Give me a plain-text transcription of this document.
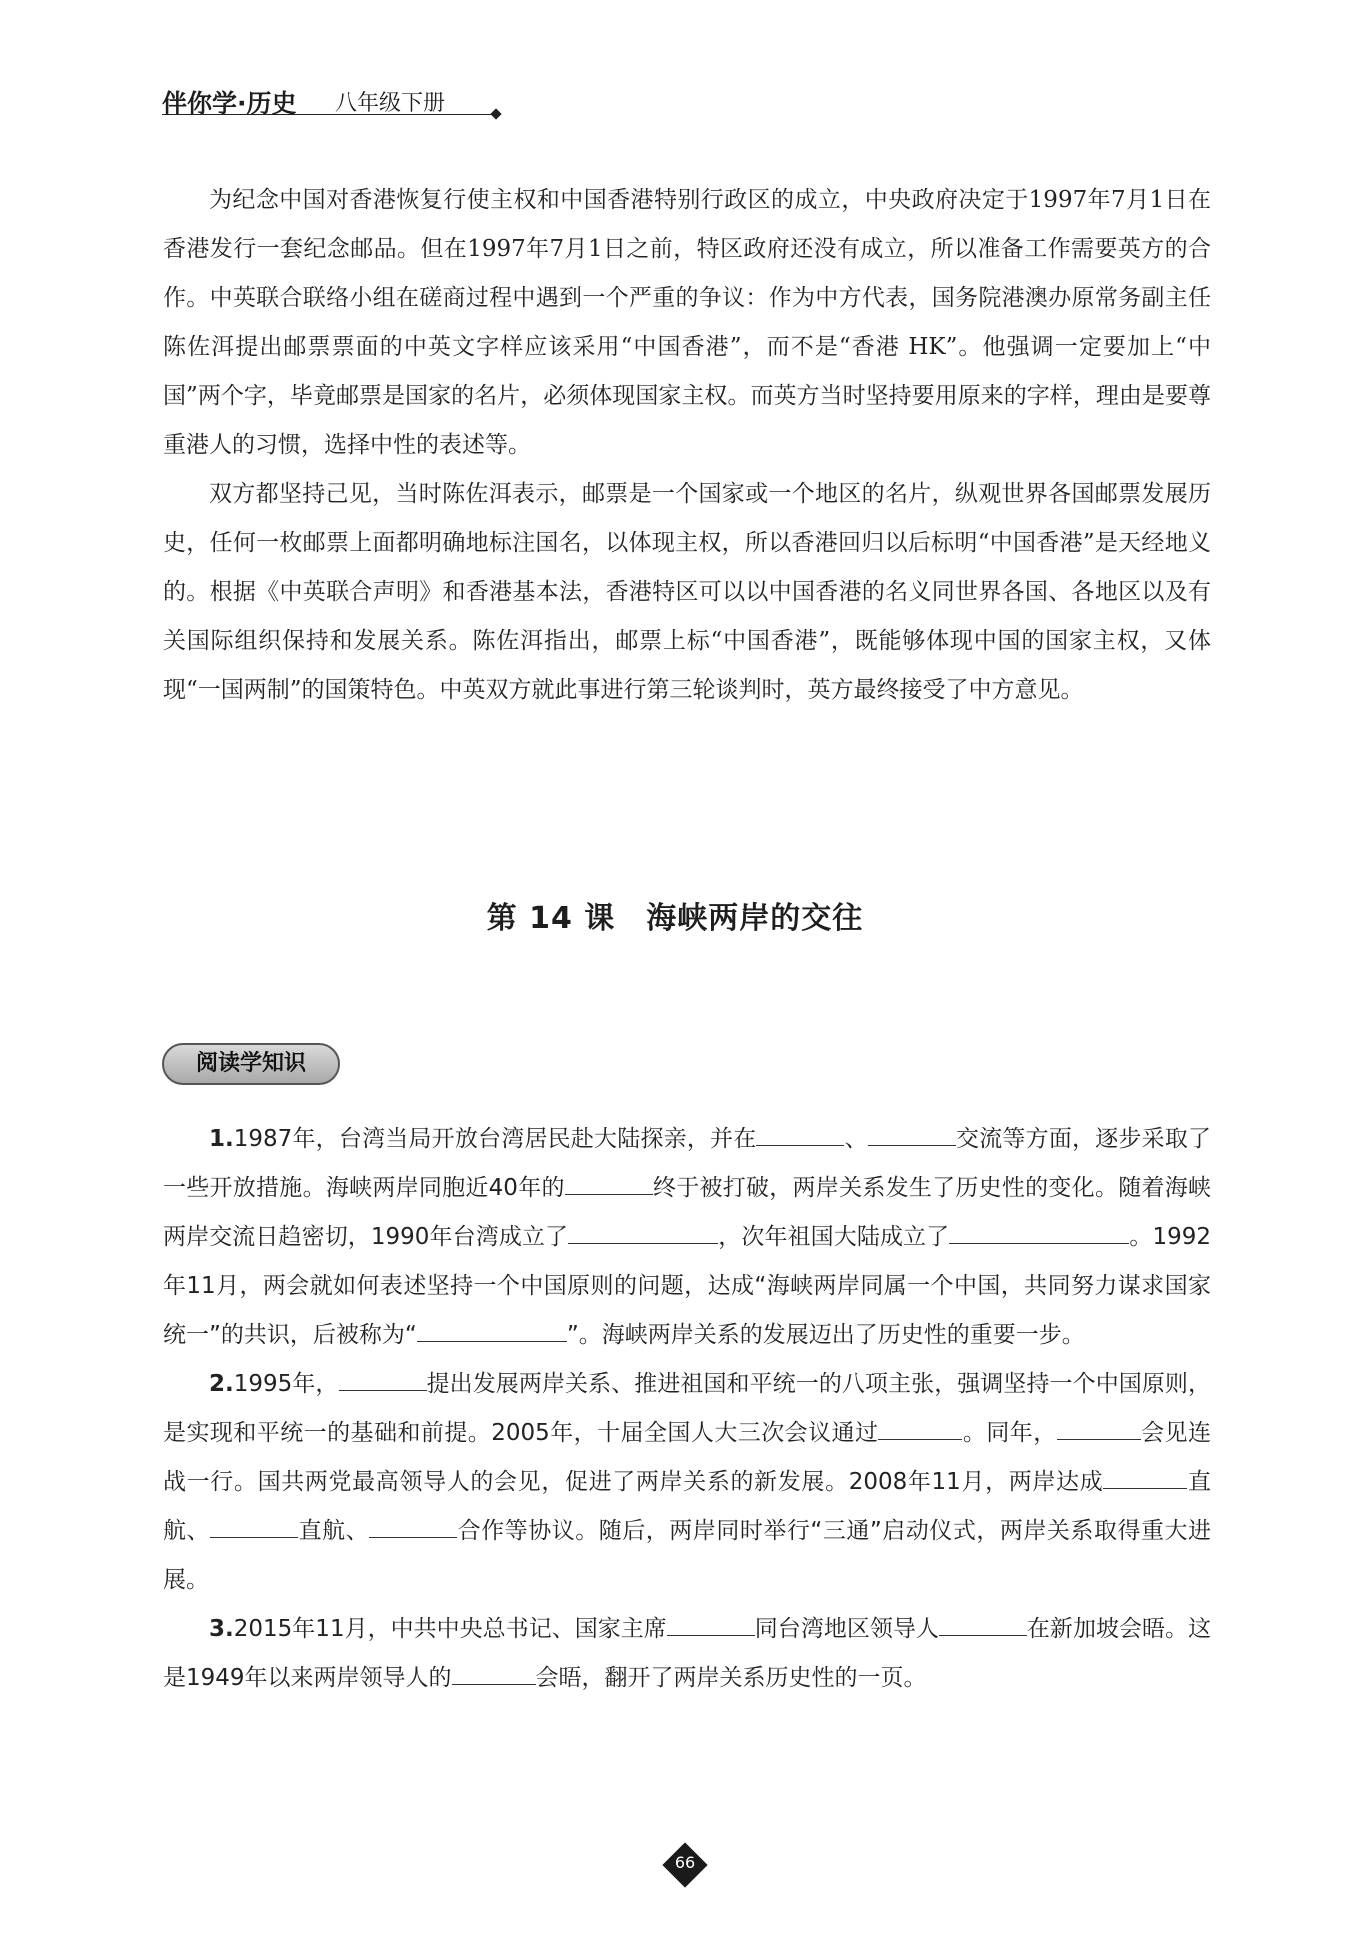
伴你学·历史 八年级下册

为纪念中国对香港恢复行使主权和中国香港特别行政区的成立，中央政府决定于1997年7月1日在香港发行一套纪念邮品。但在1997年7月1日之前，特区政府还没有成立，所以准备工作需要英方的合作。中英联合联络小组在磋商过程中遇到一个严重的争议：作为中方代表，国务院港澳办原常务副主任陈佐洱提出邮票票面的中英文字样应该采用“中国香港”，而不是“香港 HK”。他强调一定要加上“中国”两个字，毕竟邮票是国家的名片，必须体现国家主权。而英方当时坚持要用原来的字样，理由是要尊重港人的习惯，选择中性的表述等。

双方都坚持己见，当时陈佐洱表示，邮票是一个国家或一个地区的名片，纵观世界各国邮票发展历史，任何一枚邮票上面都明确地标注国名，以体现主权，所以香港回归以后标明“中国香港”是天经地义的。根据《中英联合声明》和香港基本法，香港特区可以以中国香港的名义同世界各国、各地区以及有关国际组织保持和发展关系。陈佐洱指出，邮票上标“中国香港”，既能够体现中国的国家主权，又体现“一国两制”的国策特色。中英双方就此事进行第三轮谈判时，英方最终接受了中方意见。

第 14 课　海峡两岸的交往
阅读学知识

1.1987年，台湾当局开放台湾居民赴大陆探亲，并在	、	交流等方面，逐步采取了一些开放措施。海峡两岸同胞近40年的	终于被打破，两岸关系发生了历史性的变化。随着海峡两岸交流日趋密切，1990年台湾成立了	，次年祖国大陆成立了	。1992年11月，两会就如何表述坚持一个中国原则的问题，达成“海峡两岸同属一个中国，共同努力谋求国家统一”的共识，后被称为“	”。海峡两岸关系的发展迈出了历史性的重要一步。

2.1995年，	提出发展两岸关系、推进祖国和平统一的八项主张，强调坚持一个中国原则，是实现和平统一的基础和前提。2005年，十届全国人大三次会议通过	。同年，	会见连战一行。国共两党最高领导人的会见，促进了两岸关系的新发展。2008年11月，两岸达成	直航、	直航、	合作等协议。随后，两岸同时举行“三通”启动仪式，两岸关系取得重大进展。

3.2015年11月，中共中央总书记、国家主席	同台湾地区领导人	在新加坡会晤。这是1949年以来两岸领导人的	会晤，翻开了两岸关系历史性的一页。

66
